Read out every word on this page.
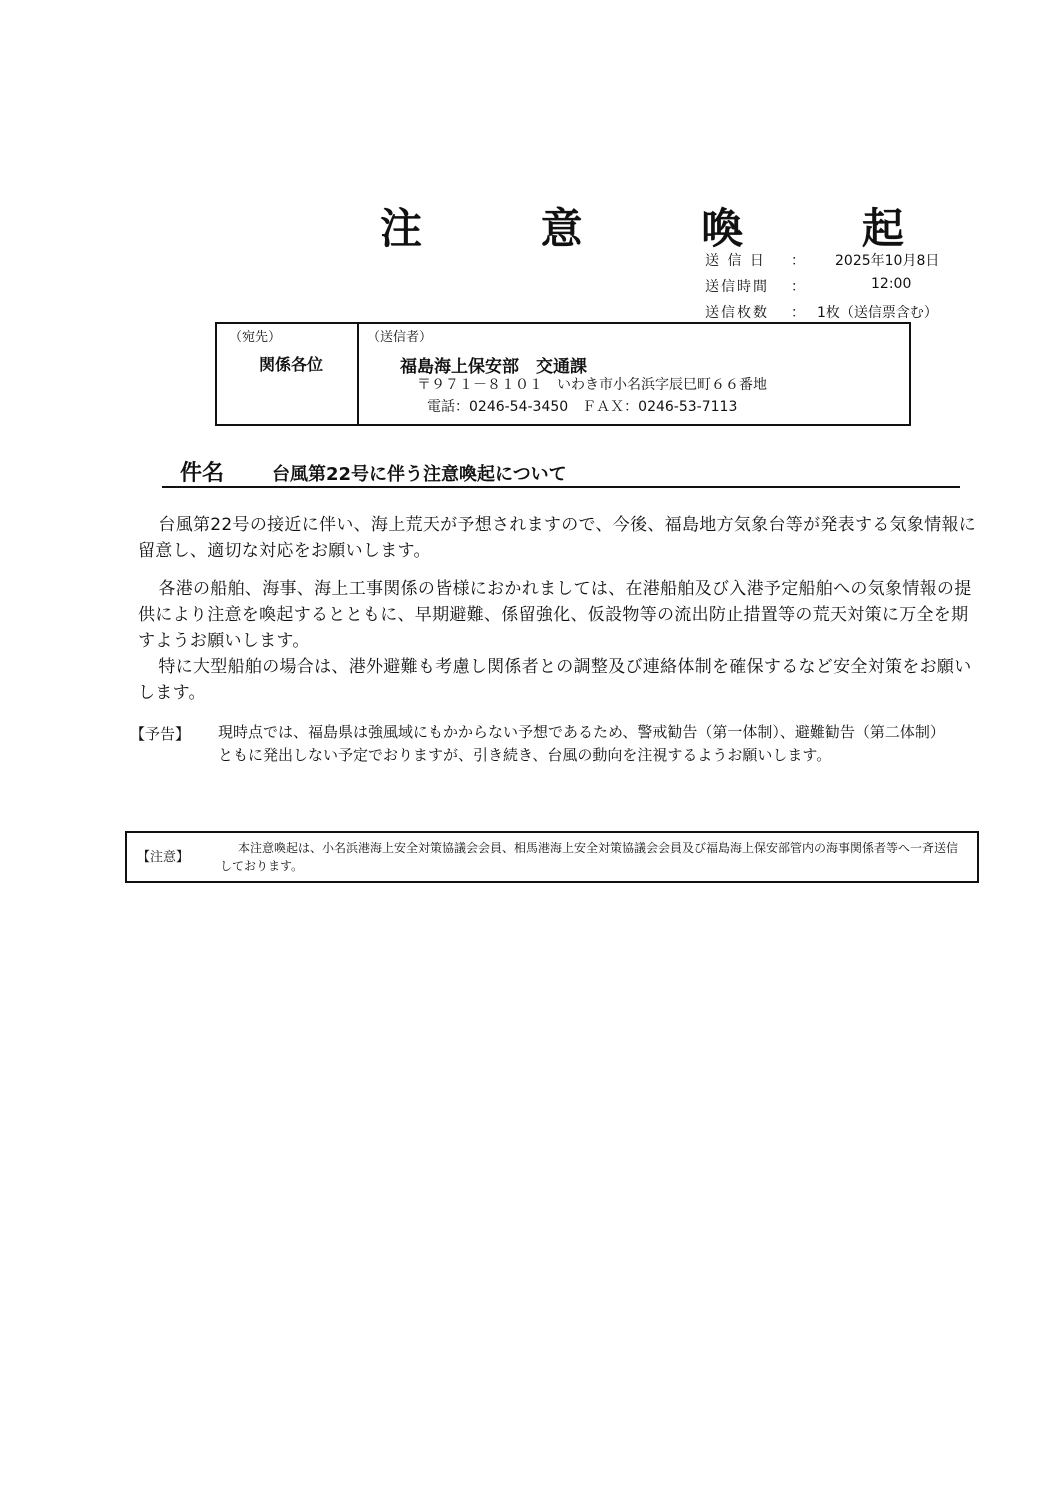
注 意 喚 起
送 信 日	： 2025年10月8日
送信時間	：	12:00
送信枚数	： 1枚（送信票含む）
（宛先）
関係各位
（送信者）
福島海上保安部　交通課
〒９７１－８１０１　いわき市小名浜字辰巳町６６番地
電話：0246-54-3450　ＦＡＸ：0246-53-7113
件名	台風第22号に伴う注意喚起について

台風第22号の接近に伴い、海上荒天が予想されますので、今後、福島地方気象台等が発表する気象情報に留意し、適切な対応をお願いします。

各港の船舶、海事、海上工事関係の皆様におかれましては、在港船舶及び入港予定船舶への気象情報の提供により注意を喚起するとともに、早期避難、係留強化、仮設物等の流出防止措置等の荒天対策に万全を期すようお願いします。

特に大型船舶の場合は、港外避難も考慮し関係者との調整及び連絡体制を確保するなど安全対策をお願いします。

【予告】 現時点では、福島県は強風域にもかからない予想であるため、警戒勧告（第一体制）、避難勧告（第二体制）ともに発出しない予定でおりますが、引き続き、台風の動向を注視するようお願いします。
【注意】
本注意喚起は、小名浜港海上安全対策協議会会員、相馬港海上安全対策協議会会員及び福島海上保安部管内の海事関係者等へ一斉送信しております。
